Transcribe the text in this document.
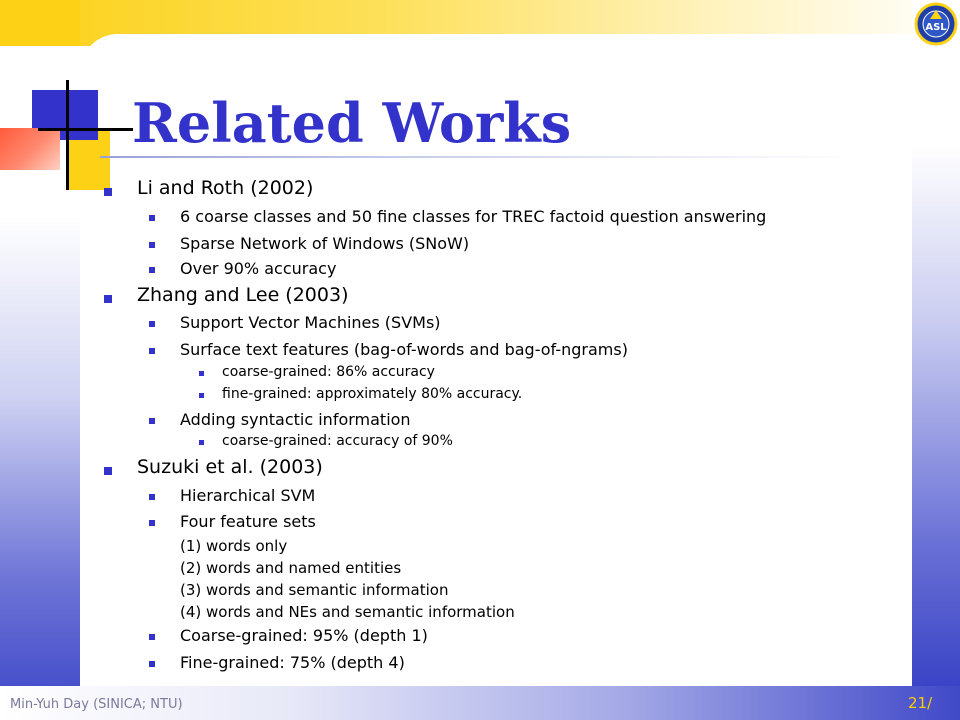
ASL
Related Works
Li and Roth (2002)
6 coarse classes and 50 fine classes for TREC factoid question answering
Sparse Network of Windows (SNoW)
Over 90% accuracy
Zhang and Lee (2003)
Support Vector Machines (SVMs)
Surface text features (bag-of-words and bag-of-ngrams)
coarse-grained: 86% accuracy
fine-grained: approximately 80% accuracy.
Adding syntactic information
coarse-grained: accuracy of 90%
Suzuki et al. (2003)
Hierarchical SVM
Four feature sets
(1) words only
(2) words and named entities
(3) words and semantic information
(4) words and NEs and semantic information
Coarse-grained: 95% (depth 1)
Fine-grained: 75% (depth 4)
Min-Yuh Day (SINICA; NTU)	21/
